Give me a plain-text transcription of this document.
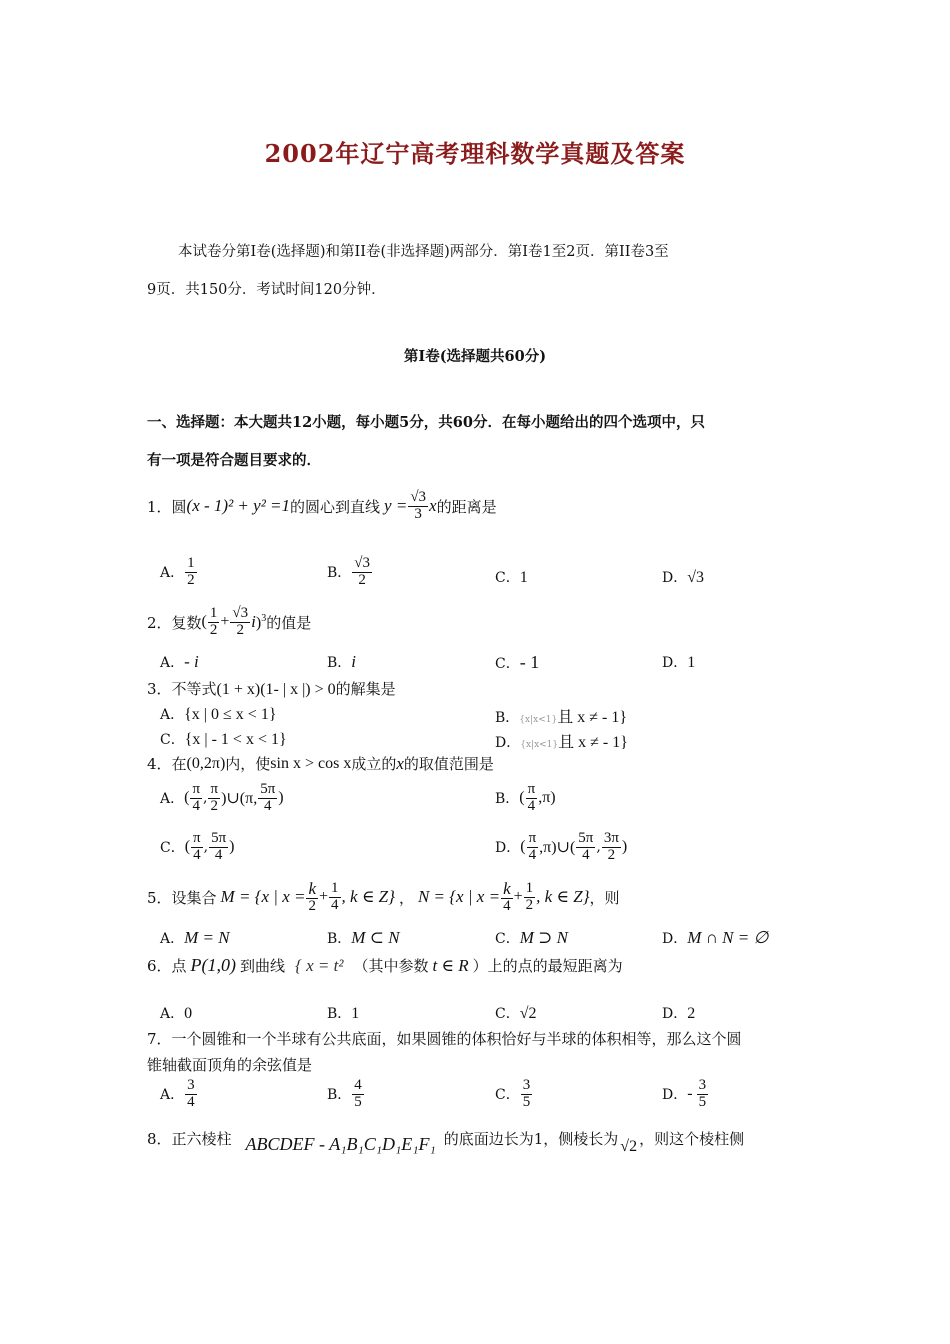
2002年辽宁高考理科数学真题及答案
本试卷分第Ⅰ卷(选择题)和第II卷(非选择题)两部分．第Ⅰ卷1至2页．第II卷3至
9页．共150分．考试时间120分钟．
第Ⅰ卷(选择题共60分)
一、选择题：本大题共12小题，每小题5分，共60分．在每小题给出的四个选项中，只
有一项是符合题目要求的．
1．圆 (x - 1)² + y² =1 的圆心到直线 $y = \frac{√3}{3}$ x 的距离是
A． $\frac{1}{2}$	B． $\frac{√3}{2}$	C．1	D．√3
2．复数 ( $\frac{1}{2} + \frac{√3}{2}$ i )$^3$ 的值是
A．- i	B．i	C．- 1	D．1
3．不等式(1 + x)(1- | x |) > 0的解集是
A．{x | 0 ≤ x < 1}	B．{x|x<1}且 x ≠ - 1}
C．{x | - 1 < x < 1}	D．{x|x<1}且 x ≠ - 1}
4．在 (0,2π) 内，使 sin x > cos x 成立的 x 的取值范围是
A． ( $\frac{\pi}{4}$ , $\frac{\pi}{2}$ )∪(π, $\frac{5\pi}{4}$ )	B． ( $\frac{\pi}{4} ,\pi$)
C． ( $\frac{\pi}{4}$ , $\frac{5\pi}{4}$ )	D． ( $\frac{\pi}{4}$ ,π)∪( $\frac{5\pi}{4}$ , $\frac{3\pi}{2}$ )
5．设集合 M = {x | $x = \frac{k}{2} + \frac{1}{4}$ , k ∈ Z} ， N = {x | $x = \frac{k}{4} + \frac{1}{2}$ , k ∈ Z} ，则
A．M = N	B．M ⊂ N	C．M ⊃ N	D．M ∩ N = ∅
6．点 P(1,0) 到曲线 { x = t² （其中参数 t ∈ R ）上的点的最短距离为
A．0	B．1	C．√2	D．2
7．一个圆锥和一个半球有公共底面，如果圆锥的体积恰好与半球的体积相等，那么这个圆
锥轴截面顶角的余弦值是
A． $\frac{3}{4}$	B． $\frac{4}{5}$	C． $\frac{3}{5}$	D． - $\frac{3}{5}$
8．正六棱柱 ABCDEF - A₁B₁C₁D₁E₁F₁ 的底面边长为1，侧棱长为 √2 ，则这个棱柱侧
